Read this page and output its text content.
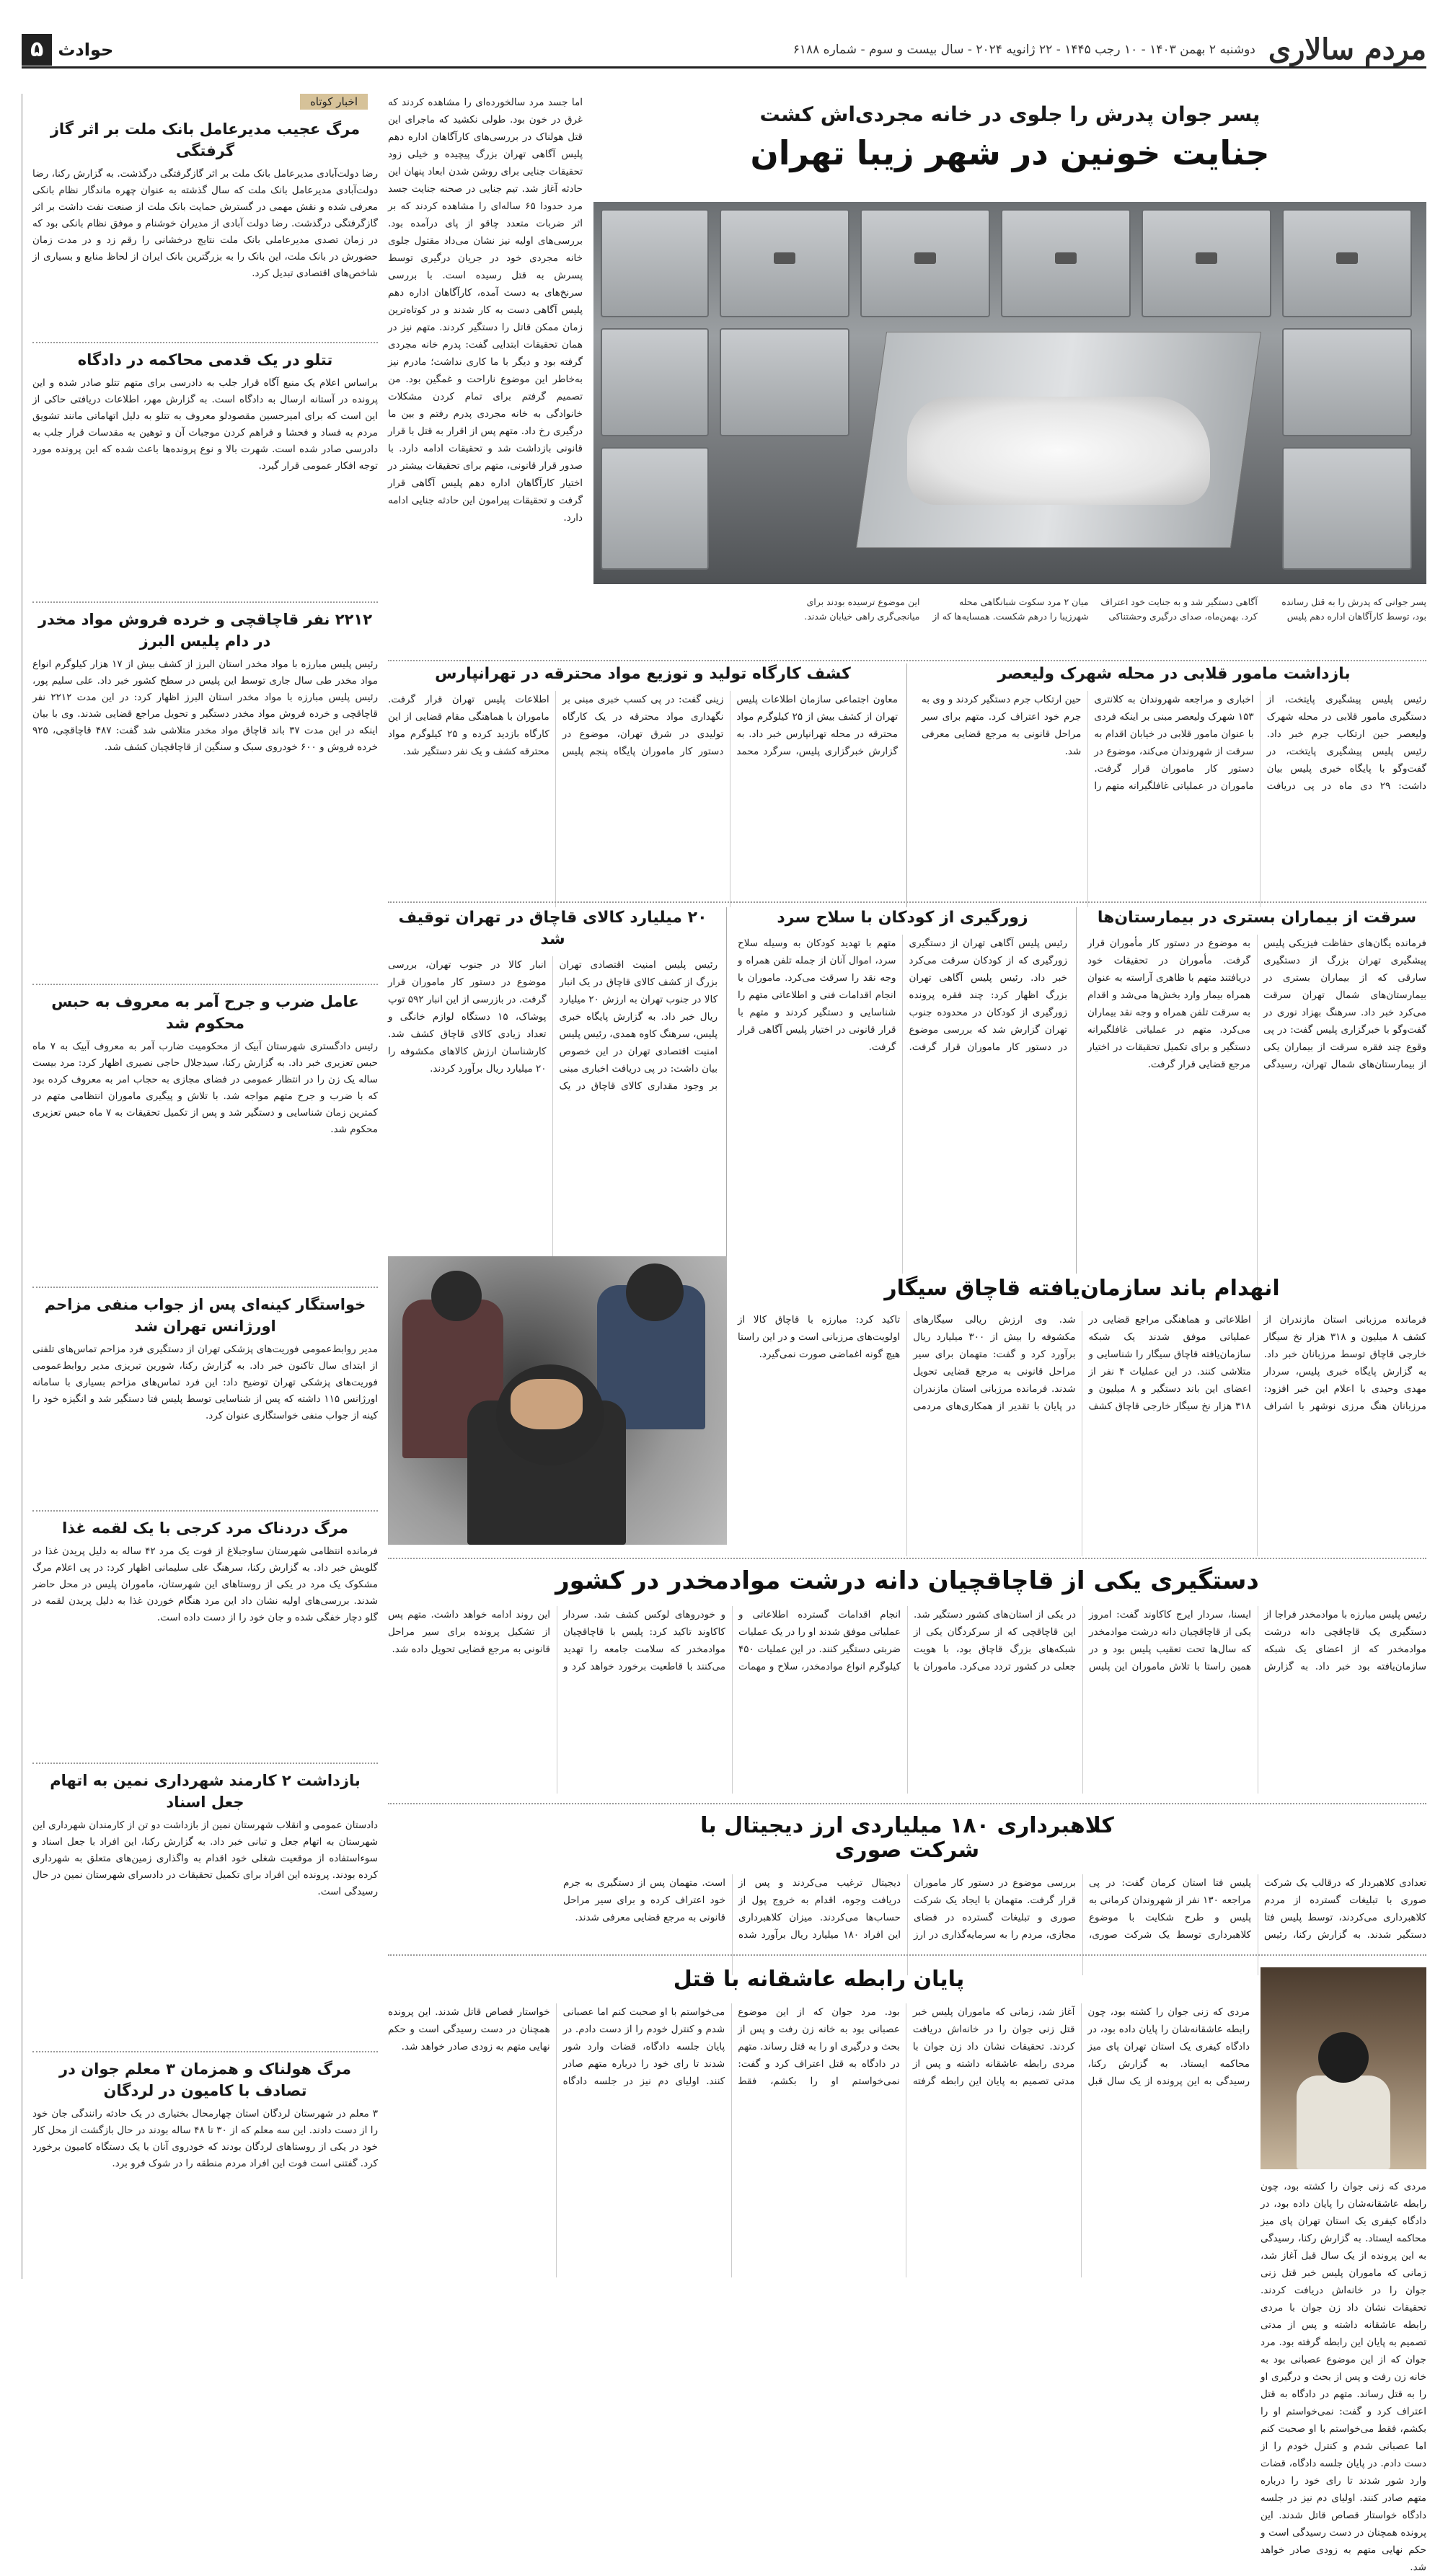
مردم سالاری
دوشنبه ۲ بهمن ۱۴۰۳ - ۱۰ رجب ۱۴۴۵ - ۲۲ ژانویه ۲۰۲۴ - سال بیست و سوم - شماره ۶۱۸۸
حوادث
۵
اخبار کوتاه
مرگ عجیب مدیرعامل بانک ملت بر اثر گاز گرفتگی
رضا دولت‌آبادی مدیرعامل بانک ملت بر اثر گازگرفتگی درگذشت. به گزارش رکنا، رضا دولت‌آبادی مدیرعامل بانک ملت که سال گذشته به عنوان چهره ماندگار نظام بانکی معرفی شده و نقش مهمی در گسترش حمایت بانک ملت از صنعت نفت داشت بر اثر گازگرفتگی درگذشت. رضا دولت آبادی از مدیران خوشنام و موفق نظام بانکی بود که در زمان تصدی مدیرعاملی بانک ملت نتایج درخشانی را رقم زد و در مدت زمان حضورش در بانک ملت، این بانک را به بزرگترین بانک ایران از لحاظ منابع و بسیاری از شاخص‌های اقتصادی تبدیل کرد.
تتلو در یک قدمی محاکمه در دادگاه
براساس اعلام یک منبع آگاه قرار جلب به دادرسی برای متهم تتلو صادر شده و این پرونده در آستانه ارسال به دادگاه است. به گزارش مهر، اطلاعات دریافتی حاکی از این است که برای امیرحسین مقصودلو معروف به تتلو به دلیل اتهاماتی مانند تشویق مردم به فساد و فحشا و فراهم کردن موجبات آن و توهین به مقدسات قرار جلب به دادرسی صادر شده است. شهرت بالا و نوع پرونده‌ها باعث شده که این پرونده مورد توجه افکار عمومی قرار گیرد.
۲۲۱۲ نفر قاچاقچی و خرده فروش مواد مخدر در دام پلیس البرز
رئیس پلیس مبارزه با مواد مخدر استان البرز از کشف بیش از ۱۷ هزار کیلوگرم انواع مواد مخدر طی سال جاری توسط این پلیس در سطح کشور خبر داد. علی سلیم پور، رئیس پلیس مبارزه با مواد مخدر استان البرز اظهار کرد: در این مدت ۲۲۱۲ نفر قاچاقچی و خرده فروش مواد مخدر دستگیر و تحویل مراجع قضایی شدند. وی با بیان اینکه در این مدت ۳۷ باند قاچاق مواد مخدر متلاشی شد گفت: ۴۸۷ قاچاقچی، ۹۲۵ خرده فروش و ۶۰۰ خودروی سبک و سنگین از قاچاقچیان کشف شد.
عامل ضرب و جرح آمر به معروف به حبس محکوم شد
رئیس دادگستری شهرستان آبیک از محکومیت ضارب آمر به معروف آبیک به ۷ ماه حبس تعزیری خبر داد. به گزارش رکنا، سیدجلال حاجی نصیری اظهار کرد: مرد بیست ساله یک زن را در انتظار عمومی در فضای مجازی به حجاب امر به معروف کرده بود که با ضرب و جرح متهم مواجه شد. با تلاش و پیگیری ماموران انتظامی متهم در کمترین زمان شناسایی و دستگیر شد و پس از تکمیل تحقیقات به ۷ ماه حبس تعزیری محکوم شد.
خواستگار کینه‌ای پس از جواب منفی مزاحم اورژانس تهران شد
مدیر روابط‌عمومی فوریت‌های پزشکی تهران از دستگیری فرد مزاحم تماس‌های تلفنی از ابتدای سال تاکنون خبر داد. به گزارش رکنا، شورین تبریزی مدیر روابط‌عمومی فوریت‌های پزشکی تهران توضیح داد: این فرد تماس‌های مزاحم بسیاری با سامانه اورژانس ۱۱۵ داشته که پس از شناسایی توسط پلیس فتا دستگیر شد و انگیزه خود را کینه از جواب منفی خواستگاری عنوان کرد.
مرگ دردناک مرد کرجی با یک لقمه غذا
فرمانده انتظامی شهرستان ساوجبلاغ از فوت یک مرد ۴۲ ساله به دلیل پریدن غذا در گلویش خبر داد. به گزارش رکنا، سرهنگ علی سلیمانی اظهار کرد: در پی اعلام مرگ مشکوک یک مرد در یکی از روستاهای این شهرستان، ماموران پلیس در محل حاضر شدند. بررسی‌های اولیه نشان داد این مرد هنگام خوردن غذا به دلیل پریدن لقمه در گلو دچار خفگی شده و جان خود را از دست داده است.
بازداشت ۲ کارمند شهرداری نمین به اتهام جعل اسناد
دادستان عمومی و انقلاب شهرستان نمین از بازداشت دو تن از کارمندان شهرداری این شهرستان به اتهام جعل و تبانی خبر داد. به گزارش رکنا، این افراد با جعل اسناد و سوءاستفاده از موقعیت شغلی خود اقدام به واگذاری زمین‌های متعلق به شهرداری کرده بودند. پرونده این افراد برای تکمیل تحقیقات در دادسرای شهرستان نمین در حال رسیدگی است.
مرگ هولناک و همزمان ۳ معلم جوان در تصادف با کامیون در لردگان
۳ معلم در شهرستان لردگان استان چهارمحال بختیاری در یک حادثه رانندگی جان خود را از دست دادند. این سه معلم که از ۳۰ تا ۴۸ ساله بودند در حال بازگشت از محل کار خود در یکی از روستاهای لردگان بودند که خودروی آنان با یک دستگاه کامیون برخورد کرد. گفتنی است فوت این افراد مردم منطقه را در شوک فرو برد.
پسر جوان پدرش را جلوی در خانه مجردی‌اش کشت
جنایت خونین در شهر زیبا تهران
پسر جوانی که پدرش را به قتل رسانده بود، توسط کارآگاهان اداره دهم پلیس آگاهی دستگیر شد و به جنایت خود اعتراف کرد. بهمن‌ماه، صدای درگیری وحشتناکی میان ۲ مرد سکوت شبانگاهی محله شهرزیبا را درهم شکست. همسایه‌ها که از این موضوع ترسیده بودند برای میانجی‌گری راهی خیابان شدند.
اما جسد مرد سالخورده‌ای را مشاهده کردند که غرق در خون بود. طولی نکشید که ماجرای این قتل هولناک در بررسی‌های کارآگاهان اداره دهم پلیس آگاهی تهران بزرگ پیچیده و خیلی زود تحقیقات جنایی برای روشن شدن ابعاد پنهان این حادثه آغاز شد. تیم جنایی در صحنه جنایت جسد مرد حدودا ۶۵ ساله‌ای را مشاهده کردند که بر اثر ضربات متعدد چاقو از پای درآمده بود. بررسی‌های اولیه نیز نشان می‌داد مقتول جلوی خانه مجردی خود در جریان درگیری توسط پسرش به قتل رسیده است. با بررسی سرنخ‌های به دست آمده، کارآگاهان اداره دهم پلیس آگاهی دست به کار شدند و در کوتاه‌ترین زمان ممکن قاتل را دستگیر کردند. متهم نیز در همان تحقیقات ابتدایی گفت: پدرم خانه مجردی گرفته بود و دیگر با ما کاری نداشت؛ مادرم نیز به‌خاطر این موضوع ناراحت و غمگین بود. من تصمیم گرفتم برای تمام کردن مشکلات خانوادگی به خانه مجردی پدرم رفتم و بین ما درگیری رخ داد. متهم پس از اقرار به قتل با قرار قانونی بازداشت شد و تحقیقات ادامه دارد. با صدور قرار قانونی، متهم برای تحقیقات بیشتر در اختیار کارآگاهان اداره دهم پلیس آگاهی قرار گرفت و تحقیقات پیرامون این حادثه جنایی ادامه دارد.
بازداشت مامور قلابی در محله شهرک ولیعصر
رئیس پلیس پیشگیری پایتخت، از دستگیری مامور قلابی در محله شهرک ولیعصر حین ارتکاب جرم خبر داد. رئیس پلیس پیشگیری پایتخت، در گفت‌وگو با پایگاه خبری پلیس بیان داشت: ۲۹ دی ماه در پی دریافت اخباری و مراجعه شهروندان به کلانتری ۱۵۳ شهرک ولیعصر مبنی بر اینکه فردی با عنوان مامور قلابی در خیابان اقدام به سرقت از شهروندان می‌کند، موضوع در دستور کار ماموران قرار گرفت. ماموران در عملیاتی غافلگیرانه متهم را حین ارتکاب جرم دستگیر کردند و وی به جرم خود اعتراف کرد. متهم برای سیر مراحل قانونی به مرجع قضایی معرفی شد.
کشف کارگاه تولید و توزیع مواد محترقه در تهرانپارس
معاون اجتماعی سازمان اطلاعات پلیس تهران از کشف بیش از ۲۵ کیلوگرم مواد محترقه در محله تهرانپارس خبر داد. به گزارش خبرگزاری پلیس، سرگرد محمد زینی گفت: در پی کسب خبری مبنی بر نگهداری مواد محترقه در یک کارگاه تولیدی در شرق تهران، موضوع در دستور کار ماموران پایگاه پنجم پلیس اطلاعات پلیس تهران قرار گرفت. ماموران با هماهنگی مقام قضایی از این کارگاه بازدید کرده و ۲۵ کیلوگرم مواد محترقه کشف و یک نفر دستگیر شد.
سرقت از بیماران بستری در بیمارستان‌ها
فرمانده یگان‌های حفاظت فیزیکی پلیس پیشگیری تهران بزرگ از دستگیری سارقی که از بیماران بستری در بیمارستان‌های شمال تهران سرقت می‌کرد خبر داد. سرهنگ بهزاد نوری در گفت‌وگو با خبرگزاری پلیس گفت: در پی وقوع چند فقره سرقت از بیماران یکی از بیمارستان‌های شمال تهران، رسیدگی به موضوع در دستور کار مأموران قرار گرفت. مأموران در تحقیقات خود دریافتند متهم با ظاهری آراسته به عنوان همراه بیمار وارد بخش‌ها می‌شد و اقدام به سرقت تلفن همراه و وجه نقد بیماران می‌کرد. متهم در عملیاتی غافلگیرانه دستگیر و برای تکمیل تحقیقات در اختیار مرجع قضایی قرار گرفت.
زورگیری از کودکان با سلاح سرد
رئیس پلیس آگاهی تهران از دستگیری زورگیری که از کودکان سرقت می‌کرد خبر داد. رئیس پلیس آگاهی تهران بزرگ اظهار کرد: چند فقره پرونده زورگیری از کودکان در محدوده جنوب تهران گزارش شد که بررسی موضوع در دستور کار ماموران قرار گرفت. متهم با تهدید کودکان به وسیله سلاح سرد، اموال آنان از جمله تلفن همراه و وجه نقد را سرقت می‌کرد. ماموران با انجام اقدامات فنی و اطلاعاتی متهم را شناسایی و دستگیر کردند و متهم با قرار قانونی در اختیار پلیس آگاهی قرار گرفت.
۲۰ میلیارد کالای قاچاق در تهران توقیف شد
رئیس پلیس امنیت اقتصادی تهران بزرگ از کشف کالای قاچاق در یک انبار کالا در جنوب تهران به ارزش ۲۰ میلیارد ریال خبر داد. به گزارش پایگاه خبری پلیس، سرهنگ کاوه همدی، رئیس پلیس امنیت اقتصادی تهران در این خصوص بیان داشت: در پی دریافت اخباری مبنی بر وجود مقداری کالای قاچاق در یک انبار کالا در جنوب تهران، بررسی موضوع در دستور کار ماموران قرار گرفت. در بازرسی از این انبار ۵۹۲ توپ پوشاک، ۱۵ دستگاه لوازم خانگی و تعداد زیادی کالای قاچاق کشف شد. کارشناسان ارزش کالاهای مکشوفه را ۲۰ میلیارد ریال برآورد کردند.
انهدام باند سازمان‌یافته قاچاق سیگار
فرمانده مرزبانی استان مازندران از کشف ۸ میلیون و ۳۱۸ هزار نخ سیگار خارجی قاچاق توسط مرزبانان خبر داد. به گزارش پایگاه خبری پلیس، سردار مهدی وحیدی با اعلام این خبر افزود: مرزبانان هنگ مرزی نوشهر با اشراف اطلاعاتی و هماهنگی مراجع قضایی در عملیاتی موفق شدند یک شبکه سازمان‌یافته قاچاق سیگار را شناسایی و متلاشی کنند. در این عملیات ۴ نفر از اعضای این باند دستگیر و ۸ میلیون و ۳۱۸ هزار نخ سیگار خارجی قاچاق کشف شد. وی ارزش ریالی سیگارهای مکشوفه را بیش از ۳۰۰ میلیارد ریال برآورد کرد و گفت: متهمان برای سیر مراحل قانونی به مرجع قضایی تحویل شدند. فرمانده مرزبانی استان مازندران در پایان با تقدیر از همکاری‌های مردمی تاکید کرد: مبارزه با قاچاق کالا از اولویت‌های مرزبانی است و در این راستا هیچ گونه اغماضی صورت نمی‌گیرد.
دستگیری یکی از قاچاقچیان دانه درشت موادمخدر در کشور
رئیس پلیس مبارزه با موادمخدر فراجا از دستگیری یک قاچاقچی دانه درشت موادمخدر که از اعضای یک شبکه سازمان‌یافته بود خبر داد. به گزارش ایسنا، سردار ایرج کاکاوند گفت: امروز یکی از قاچاقچیان دانه درشت موادمخدر که سال‌ها تحت تعقیب پلیس بود و در همین راستا با تلاش ماموران این پلیس در یکی از استان‌های کشور دستگیر شد. این قاچاقچی که از سرکردگان یکی از شبکه‌های بزرگ قاچاق بود، با هویت جعلی در کشور تردد می‌کرد. ماموران با انجام اقدامات گسترده اطلاعاتی و عملیاتی موفق شدند او را در یک عملیات ضربتی دستگیر کنند. در این عملیات ۴۵۰ کیلوگرم انواع موادمخدر، سلاح و مهمات و خودروهای لوکس کشف شد. سردار کاکاوند تاکید کرد: پلیس با قاچاقچیان موادمخدر که سلامت جامعه را تهدید می‌کنند با قاطعیت برخورد خواهد کرد و این روند ادامه خواهد داشت. متهم پس از تشکیل پرونده برای سیر مراحل قانونی به مرجع قضایی تحویل داده شد.
کلاهبرداری ۱۸۰ میلیاردی ارز دیجیتال با شرکت صوری
تعدادی کلاهبردار که درقالب یک شرکت صوری با تبلیغات گسترده از مردم کلاهبرداری می‌کردند، توسط پلیس فتا دستگیر شدند. به گزارش رکنا، رئیس پلیس فتا استان کرمان گفت: در پی مراجعه ۱۳۰ نفر از شهروندان کرمانی به پلیس و طرح شکایت با موضوع کلاهبرداری توسط یک شرکت صوری، بررسی موضوع در دستور کار ماموران قرار گرفت. متهمان با ایجاد یک شرکت صوری و تبلیغات گسترده در فضای مجازی، مردم را به سرمایه‌گذاری در ارز دیجیتال ترغیب می‌کردند و پس از دریافت وجوه، اقدام به خروج پول از حساب‌ها می‌کردند. میزان کلاهبرداری این افراد ۱۸۰ میلیارد ریال برآورد شده است. متهمان پس از دستگیری به جرم خود اعتراف کرده و برای سیر مراحل قانونی به مرجع قضایی معرفی شدند.
پایان رابطه عاشقانه با قتل
مردی که زنی جوان را کشته بود، چون رابطه عاشقانه‌شان را پایان داده بود، در دادگاه کیفری یک استان تهران پای میز محاکمه ایستاد. به گزارش رکنا، رسیدگی به این پرونده از یک سال قبل آغاز شد، زمانی که ماموران پلیس خبر قتل زنی جوان را در خانه‌اش دریافت کردند. تحقیقات نشان داد زن جوان با مردی رابطه عاشقانه داشته و پس از مدتی تصمیم به پایان این رابطه گرفته بود. مرد جوان که از این موضوع عصبانی بود به خانه زن رفت و پس از بحث و درگیری او را به قتل رساند. متهم در دادگاه به قتل اعتراف کرد و گفت: نمی‌خواستم او را بکشم، فقط می‌خواستم با او صحبت کنم اما عصبانی شدم و کنترل خودم را از دست دادم. در پایان جلسه دادگاه، قضات وارد شور شدند تا رای خود را درباره متهم صادر کنند. اولیای دم نیز در جلسه دادگاه خواستار قصاص قاتل شدند. این پرونده همچنان در دست رسیدگی است و حکم نهایی متهم به زودی صادر خواهد شد.
مردی که زنی جوان را کشته بود، چون رابطه عاشقانه‌شان را پایان داده بود، در دادگاه کیفری یک استان تهران پای میز محاکمه ایستاد. به گزارش رکنا، رسیدگی به این پرونده از یک سال قبل آغاز شد، زمانی که ماموران پلیس خبر قتل زنی جوان را در خانه‌اش دریافت کردند. تحقیقات نشان داد زن جوان با مردی رابطه عاشقانه داشته و پس از مدتی تصمیم به پایان این رابطه گرفته بود. مرد جوان که از این موضوع عصبانی بود به خانه زن رفت و پس از بحث و درگیری او را به قتل رساند. متهم در دادگاه به قتل اعتراف کرد و گفت: نمی‌خواستم او را بکشم، فقط می‌خواستم با او صحبت کنم اما عصبانی شدم و کنترل خودم را از دست دادم. در پایان جلسه دادگاه، قضات وارد شور شدند تا رای خود را درباره متهم صادر کنند. اولیای دم نیز در جلسه دادگاه خواستار قصاص قاتل شدند. این پرونده همچنان در دست رسیدگی است و حکم نهایی متهم به زودی صادر خواهد شد.
